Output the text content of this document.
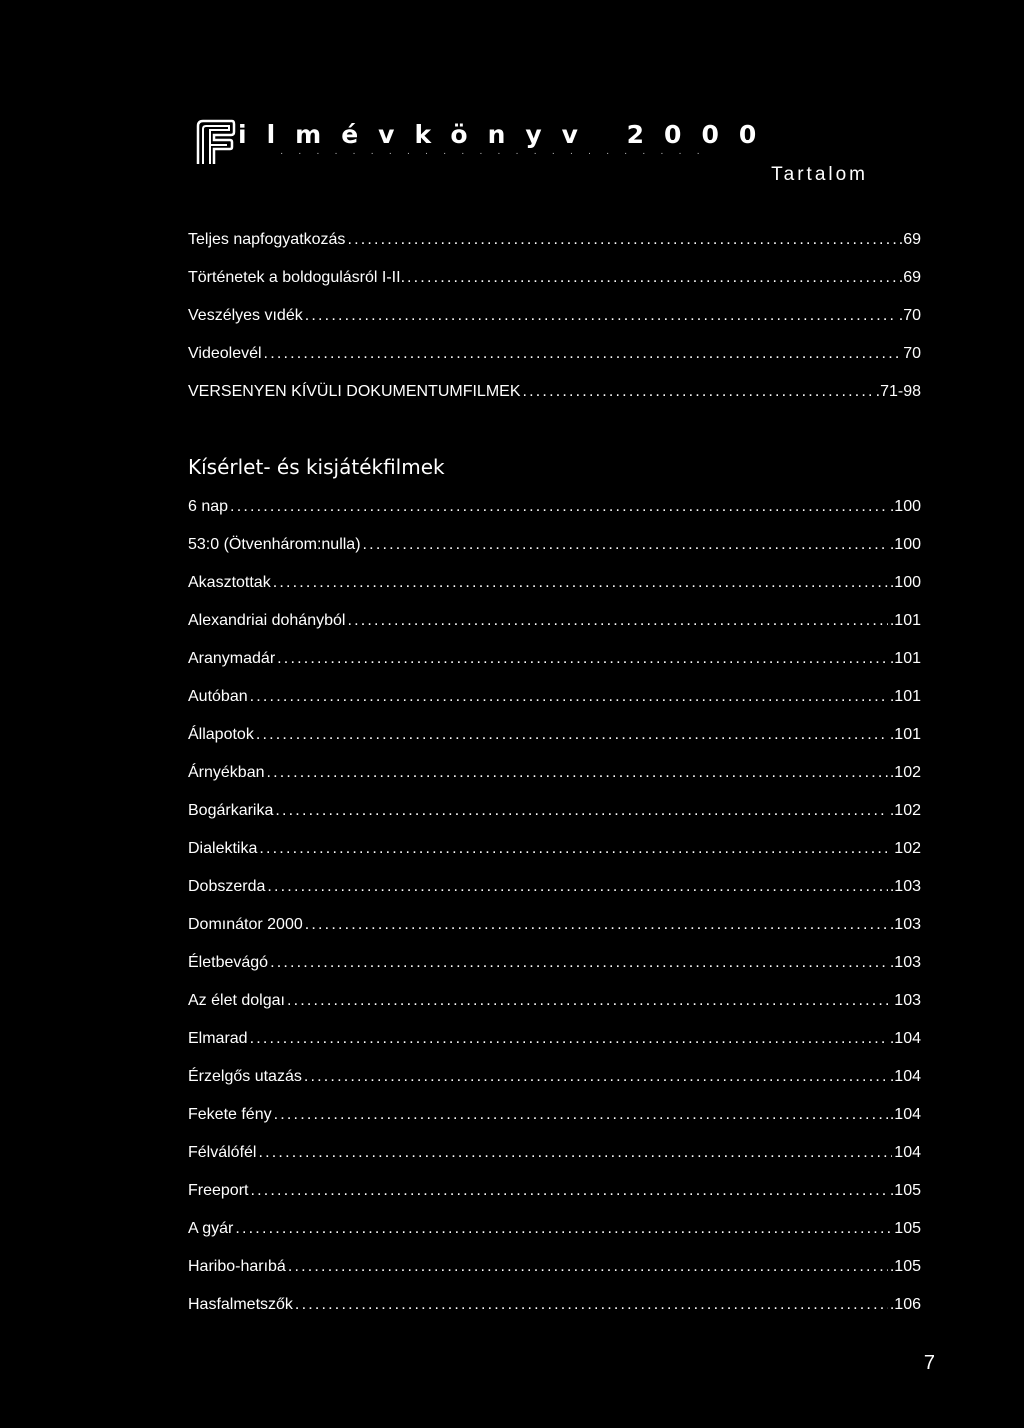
ilmévkönyv 2000
· · · · · · · · · · · · · · · · · · · · · · · ·
Tartalom
Teljes napfogyatkozás .....	.69
Történetek a boldogulásról I-II. .....	.69
Veszélyes vıdék .....	.70
Videolevél .....	70
VERSENYEN KÍVÜLI DOKUMENTUMFILMEK .....	.71-98
Kísérlet- és kisjátékfilmek
6 nap .....	.100
53:0 (Ötvenhárom:nulla) .....	.100
Akasztottak .....	.100
Alexandriai dohányból .....	.101
Aranymadár .....	.101
Autóban .....	.101
Állapotok .....	.101
Árnyékban .....	.102
Bogárkarika .....	.102
Dialektika .....	102
Dobszerda .....	.103
Domınátor 2000 .....	.103
Életbevágó .....	.103
Az élet dolgaı .....	103
Elmarad .....	.104
Érzelgős utazás .....	.104
Fekete fény .....	.104
Félválófél .....	104
Freeport .....	.105
A gyár .....	105
Haribo-harıbá .....	.105
Hasfalmetszők .....	.106
7
